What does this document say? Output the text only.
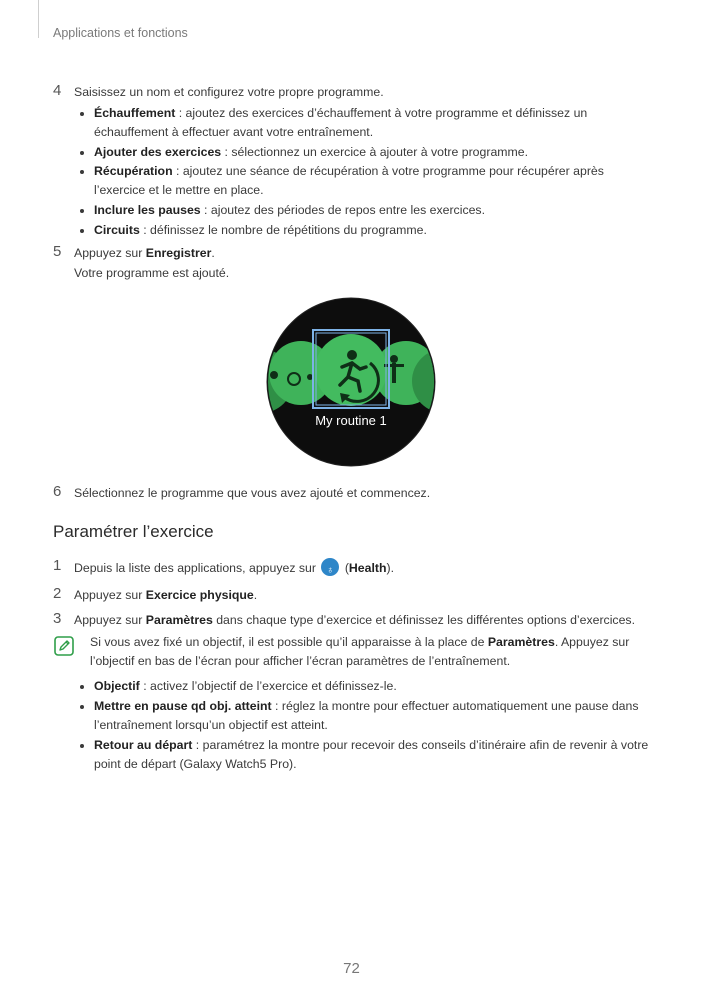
Applications et fonctions
4 Saisissez un nom et configurez votre propre programme.
Échauffement : ajoutez des exercices d’échauffement à votre programme et définissez un
échauffement à effectuer avant votre entraînement.
Ajouter des exercices : sélectionnez un exercice à ajouter à votre programme.
Récupération : ajoutez une séance de récupération à votre programme pour récupérer après
l’exercice et le mettre en place.
Inclure les pauses : ajoutez des périodes de repos entre les exercices.
Circuits : définissez le nombre de répétitions du programme.
5 Appuyez sur Enregistrer.
Votre programme est ajouté.
My routine 1
6 Sélectionnez le programme que vous avez ajouté et commencez.
Paramétrer l’exercice
1 Depuis la liste des applications, appuyez sur ♁ (Health).
2 Appuyez sur Exercice physique.
3 Appuyez sur Paramètres dans chaque type d’exercice et définissez les différentes options d’exercices.
Si vous avez fixé un objectif, il est possible qu’il apparaisse à la place de Paramètres. Appuyez sur
l’objectif en bas de l’écran pour afficher l’écran paramètres de l’entraînement.
Objectif : activez l’objectif de l’exercice et définissez-le.
Mettre en pause qd obj. atteint : réglez la montre pour effectuer automatiquement une pause dans
l’entraînement lorsqu’un objectif est atteint.
Retour au départ : paramétrez la montre pour recevoir des conseils d’itinéraire afin de revenir à votre
point de départ (Galaxy Watch5 Pro).
72
